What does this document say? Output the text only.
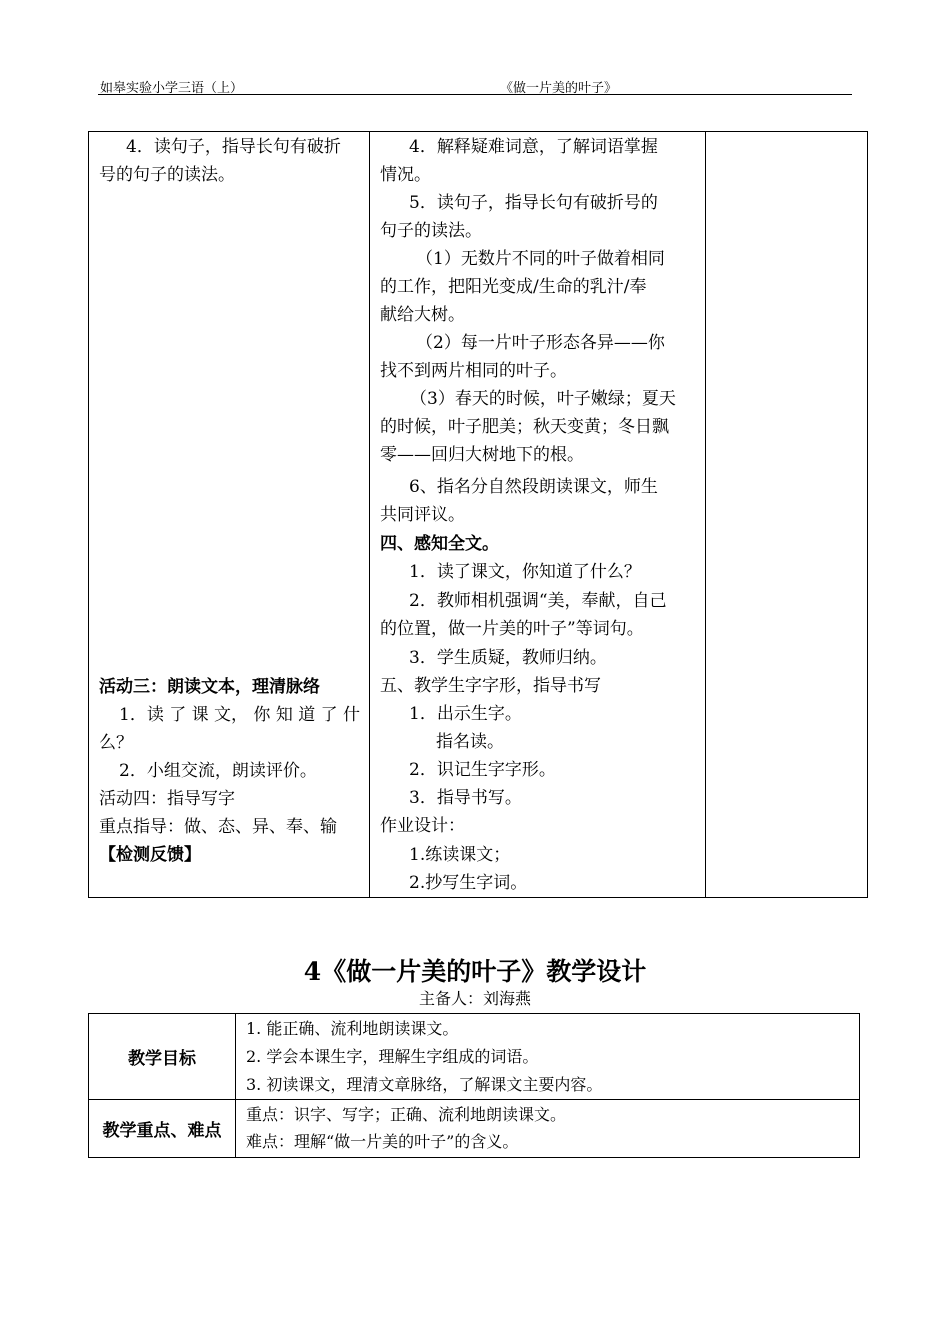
如皋实验小学三语（上）	《做一片美的叶子》
4．读句子，指导长句有破折
号的句子的读法。
活动三：朗读文本，理清脉络
1．读 了 课 文， 你 知 道 了 什
么？
2．小组交流，朗读评价。
活动四：指导写字
重点指导：做、态、异、奉、输
【检测反馈】
4．解释疑难词意，了解词语掌握
情况。
5．读句子，指导长句有破折号的
句子的读法。
（1）无数片不同的叶子做着相同
的工作，把阳光变成/生命的乳汁/奉
献给大树。
（2）每一片叶子形态各异——你
找不到两片相同的叶子。
（3）春天的时候，叶子嫩绿；夏天
的时候，叶子肥美；秋天变黄；冬日飘
零——回归大树地下的根。
6、指名分自然段朗读课文，师生
共同评议。
四、感知全文。
1．读了课文，你知道了什么？
2．教师相机强调“美，奉献，自己
的位置，做一片美的叶子”等词句。
3．学生质疑，教师归纳。
五、教学生字字形，指导书写
1．出示生字。
指名读。
2．识记生字字形。
3．指导书写。
作业设计：
1.练读课文；
2.抄写生字词。
4《做一片美的叶子》教学设计
主备人：刘海燕
教学目标
1. 能正确、流利地朗读课文。
2. 学会本课生字，理解生字组成的词语。
3. 初读课文，理清文章脉络，了解课文主要内容。
教学重点、难点
重点：识字、写字；正确、流利地朗读课文。
难点：理解“做一片美的叶子”的含义。
